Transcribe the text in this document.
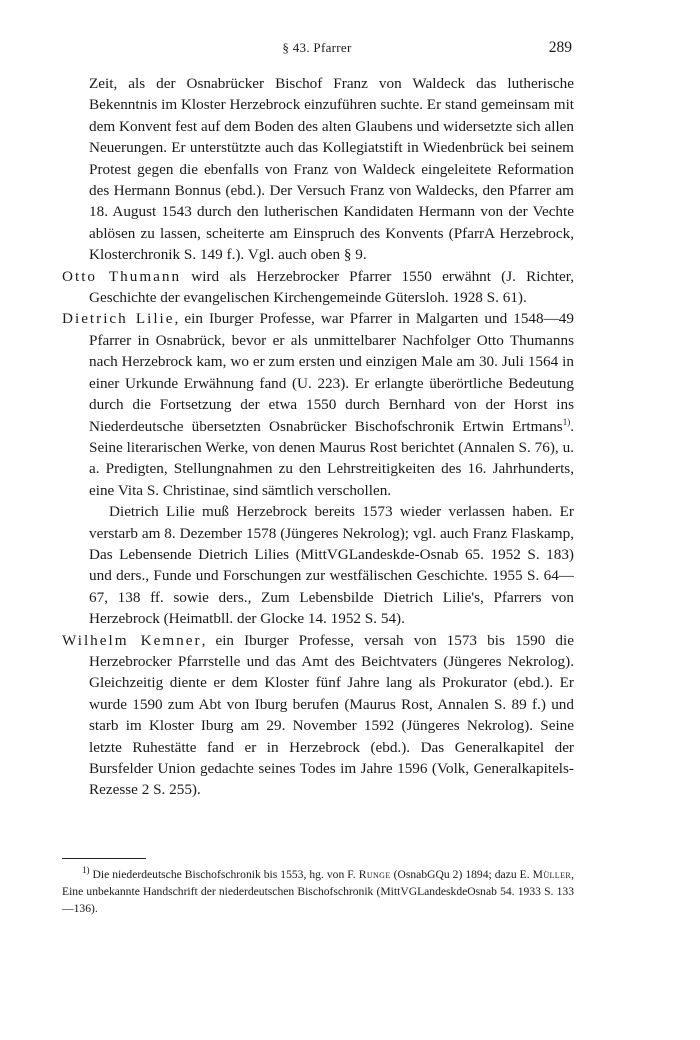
§ 43. Pfarrer	289

Zeit, als der Osnabrücker Bischof Franz von Waldeck das lutherische Bekenntnis im Kloster Herzebrock einzuführen suchte. Er stand gemeinsam mit dem Konvent fest auf dem Boden des alten Glaubens und widersetzte sich allen Neuerungen. Er unterstützte auch das Kollegiatstift in Wiedenbrück bei seinem Protest gegen die ebenfalls von Franz von Waldeck eingeleitete Reformation des Hermann Bonnus (ebd.). Der Versuch Franz von Waldecks, den Pfarrer am 18. August 1543 durch den lutherischen Kandidaten Hermann von der Vechte ablösen zu lassen, scheiterte am Einspruch des Konvents (PfarrA Herzebrock, Klosterchronik S. 149 f.). Vgl. auch oben § 9.

Otto Thumann wird als Herzebrocker Pfarrer 1550 erwähnt (J. Richter, Geschichte der evangelischen Kirchengemeinde Gütersloh. 1928 S. 61).

Dietrich Lilie, ein Iburger Professe, war Pfarrer in Malgarten und 1548—49 Pfarrer in Osnabrück, bevor er als unmittelbarer Nachfolger Otto Thumanns nach Herzebrock kam, wo er zum ersten und einzigen Male am 30. Juli 1564 in einer Urkunde Erwähnung fand (U. 223). Er erlangte überörtliche Bedeutung durch die Fortsetzung der etwa 1550 durch Bernhard von der Horst ins Niederdeutsche übersetzten Osnabrücker Bischofschronik Ertwin Ertmans$^{1)}$. Seine literarischen Werke, von denen Maurus Rost berichtet (Annalen S. 76), u. a. Predigten, Stellungnahmen zu den Lehrstreitigkeiten des 16. Jahrhunderts, eine Vita S. Christinae, sind sämtlich verschollen.

Dietrich Lilie muß Herzebrock bereits 1573 wieder verlassen haben. Er verstarb am 8. Dezember 1578 (Jüngeres Nekrolog); vgl. auch Franz Flaskamp, Das Lebensende Dietrich Lilies (MittVGLandeskde-Osnab 65. 1952 S. 183) und ders., Funde und Forschungen zur westfälischen Geschichte. 1955 S. 64—67, 138 ff. sowie ders., Zum Lebensbilde Dietrich Lilie's, Pfarrers von Herzebrock (Heimatbll. der Glocke 14. 1952 S. 54).

Wilhelm Kemner, ein Iburger Professe, versah von 1573 bis 1590 die Herzebrocker Pfarrstelle und das Amt des Beichtvaters (Jüngeres Nekrolog). Gleichzeitig diente er dem Kloster fünf Jahre lang als Prokurator (ebd.). Er wurde 1590 zum Abt von Iburg berufen (Maurus Rost, Annalen S. 89 f.) und starb im Kloster Iburg am 29. November 1592 (Jüngeres Nekrolog). Seine letzte Ruhestätte fand er in Herzebrock (ebd.). Das Generalkapitel der Bursfelder Union gedachte seines Todes im Jahre 1596 (Volk, Generalkapitels-Rezesse 2 S. 255).

$^{1)}$ Die niederdeutsche Bischofschronik bis 1553, hg. von F. Runge (OsnabGQu 2) 1894; dazu E. Müller, Eine unbekannte Handschrift der niederdeutschen Bischofschronik (MittVGLandeskdeOsnab 54. 1933 S. 133—136).
